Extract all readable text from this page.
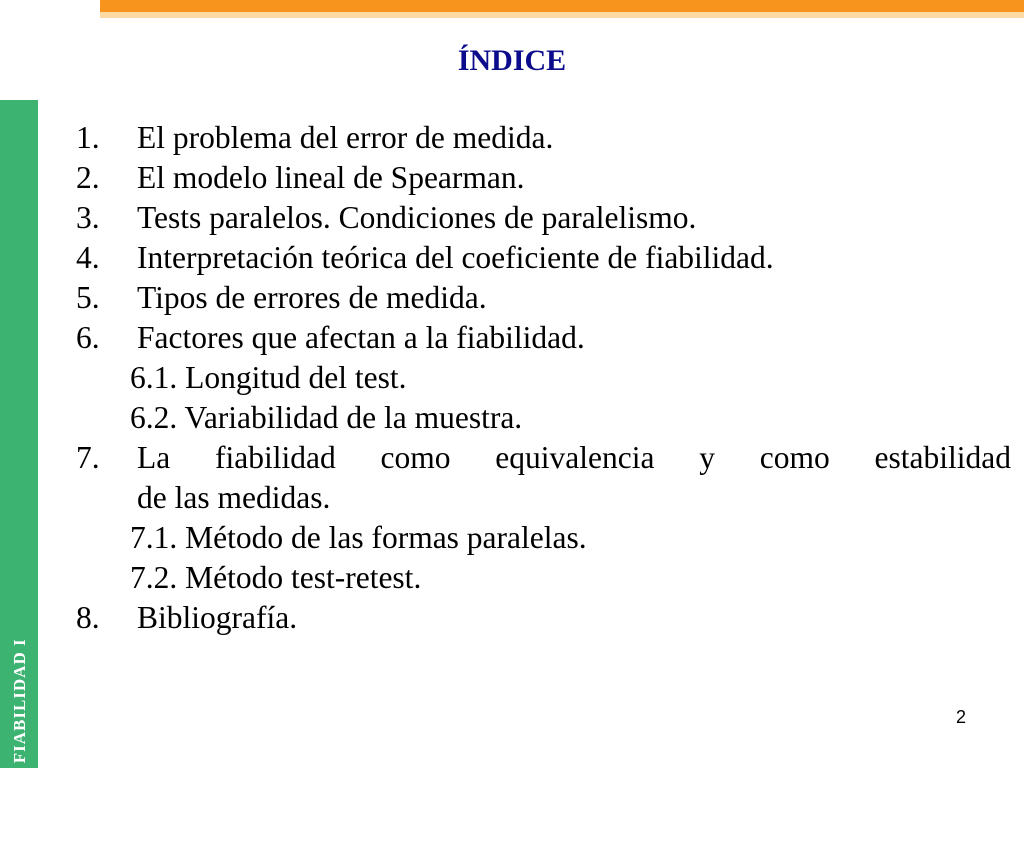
TEMA 5.1.: FIABILIDAD I
ÍNDICE
1.	El problema del error de medida.
2.	El modelo lineal de Spearman.
3.	Tests paralelos. Condiciones de paralelismo.
4.	Interpretación teórica del coeficiente de fiabilidad.
5.	Tipos de errores de medida.
6.	Factores que afectan a la fiabilidad.
6.1. Longitud del test.
6.2. Variabilidad de la muestra.
7.	La fiabilidad como equivalencia y como estabilidad
de las medidas.
7.1. Método de las formas paralelas.
7.2. Método test-retest.
8.	Bibliografía.
2
